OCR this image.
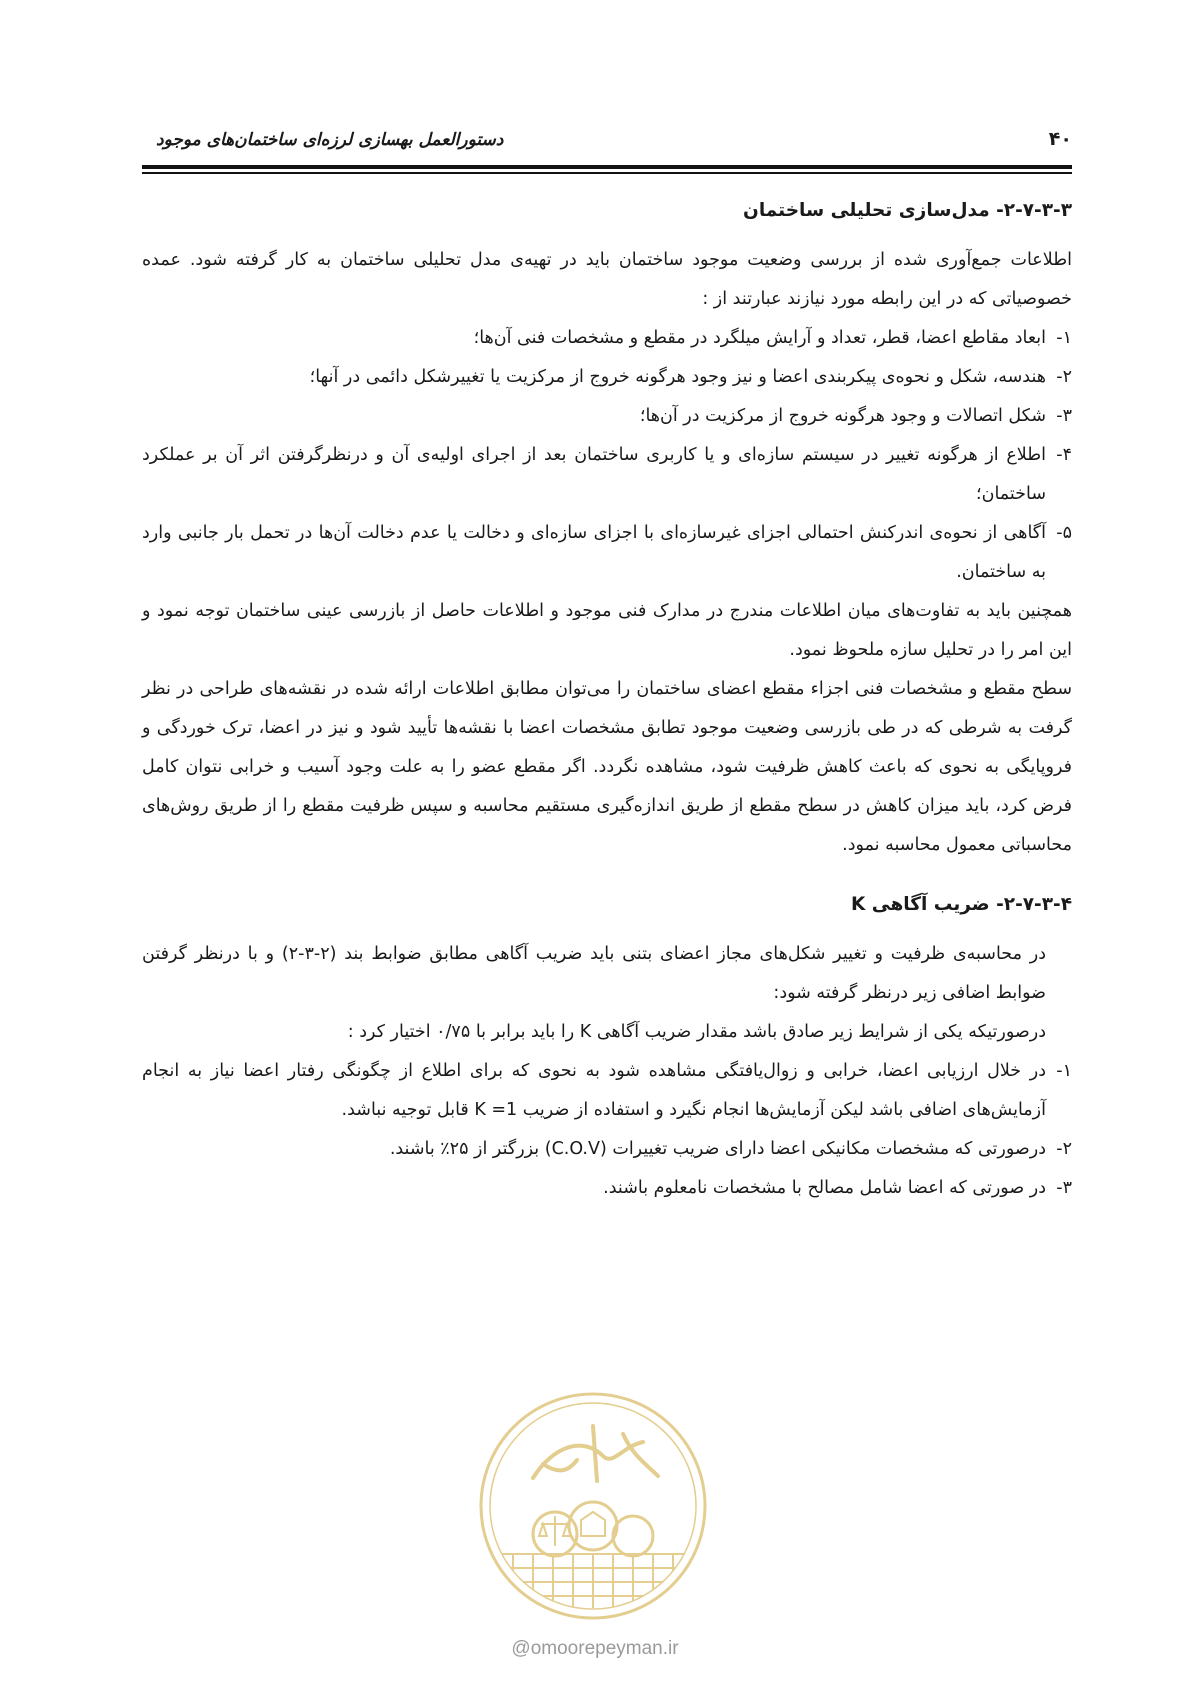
۴۰
دستورالعمل بهسازی لرزه‌ای ساختمان‌های موجود
۲-۷-۳-۳- مدل‌سازی تحلیلی ساختمان

اطلاعات جمع‌آوری شده از بررسی وضعیت موجود ساختمان باید در تهیه‌ی مدل تحلیلی ساختمان به کار گرفته شود. عمده خصوصیاتی که در این رابطه مورد نیازند عبارتند از :

۱-
ابعاد مقاطع اعضا، قطر، تعداد و آرایش میلگرد در مقطع و مشخصات فنی آن‌ها؛
۲-
هندسه، شکل و نحوه‌ی پیکربندی اعضا و نیز وجود هرگونه خروج از مرکزیت یا تغییرشکل دائمی در آنها؛
۳-
شکل اتصالات و وجود هرگونه خروج از مرکزیت در آن‌ها؛
۴-
اطلاع از هرگونه تغییر در سیستم سازه‌ای و یا کاربری ساختمان بعد از اجرای اولیه‌ی آن و درنظرگرفتن اثر آن بر عملکرد ساختمان؛
۵-
آگاهی از نحوه‌ی اندرکنش احتمالی اجزای غیرسازه‌ای با اجزای سازه‌ای و دخالت یا عدم دخالت آن‌ها در تحمل بار جانبی وارد به ساختمان.

همچنین باید به تفاوت‌های میان اطلاعات مندرج در مدارک فنی موجود و اطلاعات حاصل از بازرسی عینی ساختمان توجه نمود و این امر را در تحلیل سازه ملحوظ نمود.

سطح مقطع و مشخصات فنی اجزاء مقطع اعضای ساختمان را می‌توان مطابق اطلاعات ارائه شده در نقشه‌های طراحی در نظر گرفت به شرطی که در طی بازرسی وضعیت موجود تطابق مشخصات اعضا با نقشه‌ها تأیید شود و نیز در اعضا، ترک خوردگی و فروپایگی به نحوی که باعث کاهش ظرفیت شود، مشاهده نگردد. اگر مقطع عضو را به علت وجود آسیب و خرابی نتوان کامل فرض کرد، باید میزان کاهش در سطح مقطع از طریق اندازه‌گیری مستقیم محاسبه و سپس ظرفیت مقطع را از طریق روش‌های محاسباتی معمول محاسبه نمود.

۲-۷-۳-۴- ضریب آگاهی K

در محاسبه‌ی ظرفیت و تغییر شکل‌های مجاز اعضای بتنی باید ضریب آگاهی مطابق ضوابط بند (۲-۳-۲) و با درنظر گرفتن ضوابط اضافی زیر درنظر گرفته شود:

درصورتیکه یکی از شرایط زیر صادق باشد مقدار ضریب آگاهی K را باید برابر با ۰/۷۵ اختیار کرد :

۱-
در خلال ارزیابی اعضا، خرابی و زوال‌یافتگی مشاهده شود به نحوی که برای اطلاع از چگونگی رفتار اعضا نیاز به انجام آزمایش‌های اضافی باشد لیکن آزمایش‌ها انجام نگیرد و استفاده از ضریب K =1 قابل توجیه نباشد.
۲-
درصورتی که مشخصات مکانیکی اعضا دارای ضریب تغییرات (C.O.V) بزرگتر از ۲۵٪ باشند.
۳-
در صورتی که اعضا شامل مصالح با مشخصات نامعلوم باشند.
@omoorepeyman.ir
